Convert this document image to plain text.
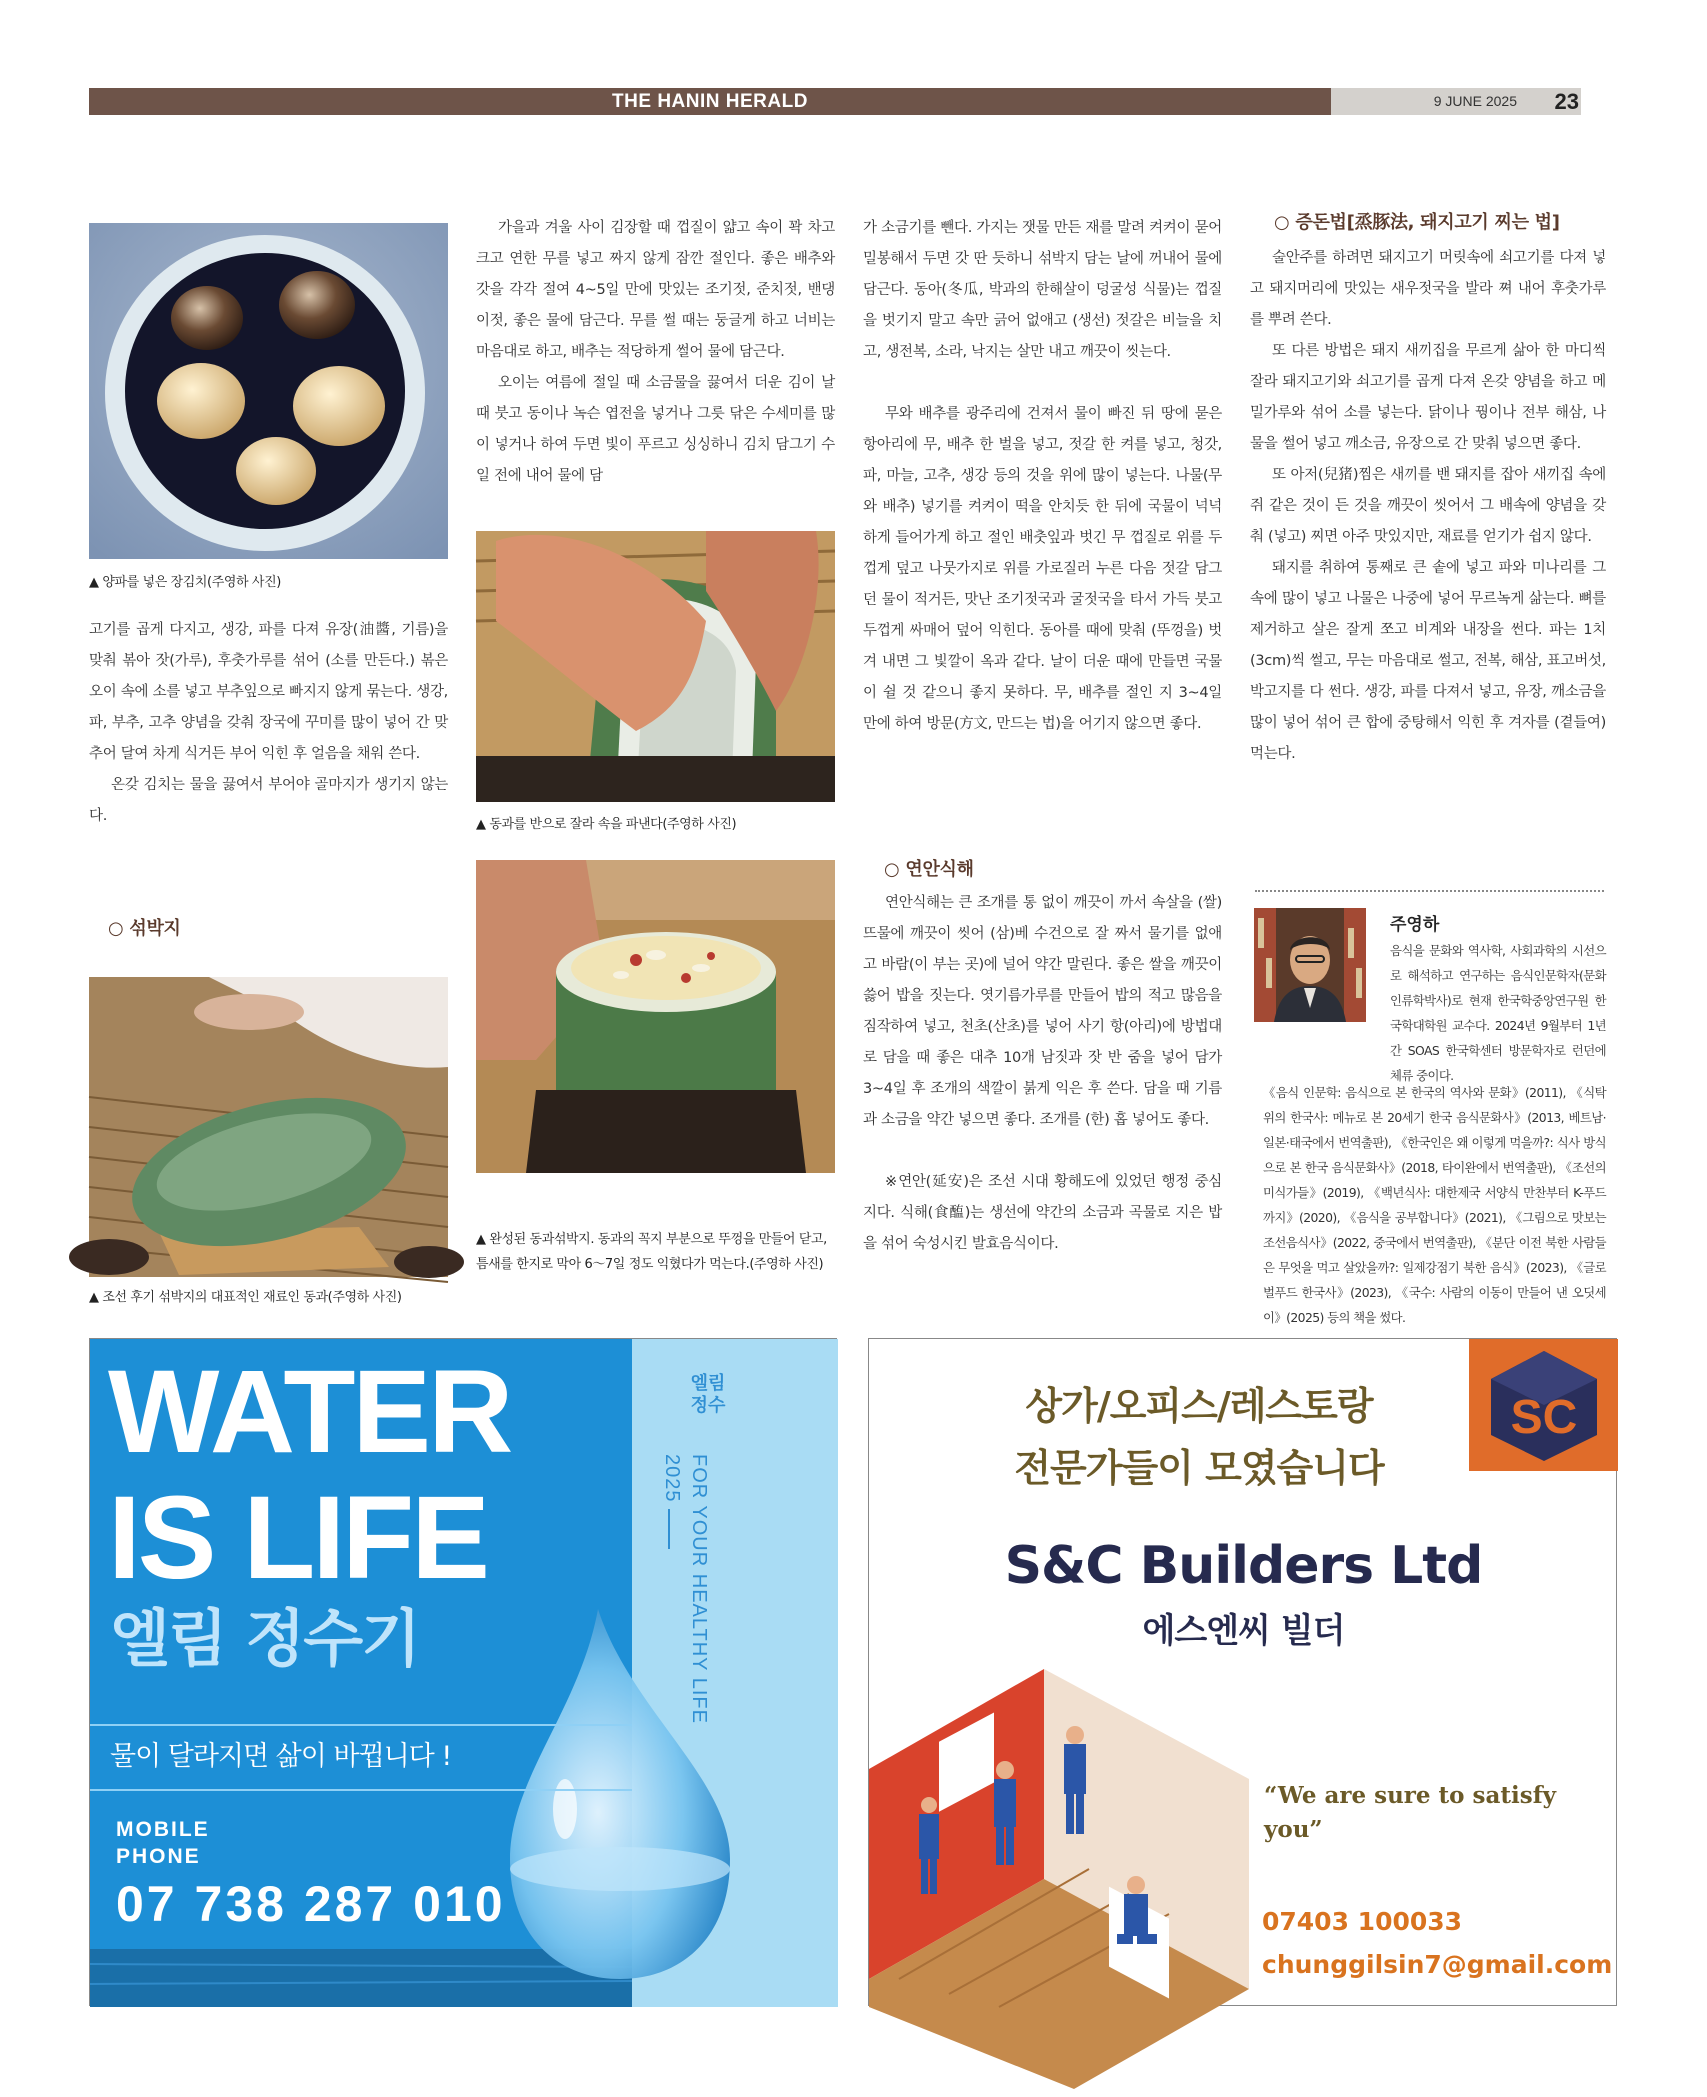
THE HANIN HERALD	9 JUNE 2025	23
▲ 양파를 넣은 장김치(주영하 사진)

고기를 곱게 다지고, 생강, 파를 다져 유장(油醬, 기름)을 맞춰 볶아 잣(가루), 후춧가루를 섞어 (소를 만든다.) 볶은 오이 속에 소를 넣고 부추잎으로 빠지지 않게 묶는다. 생강, 파, 부추, 고추 양념을 갖춰 장국에 꾸미를 많이 넣어 간 맞추어 달여 차게 식거든 부어 익힌 후 얼음을 채워 쓴다.

온갖 김치는 물을 끓여서 부어야 골마지가 생기지 않는다.

○ 섞박지
▲ 조선 후기 섞박지의 대표적인 재료인 동과(주영하 사진)

가을과 겨울 사이 김장할 때 껍질이 얇고 속이 꽉 차고 크고 연한 무를 넣고 짜지 않게 잠깐 절인다. 좋은 배추와 갓을 각각 절여 4~5일 만에 맛있는 조기젓, 준치젓, 밴댕이젓, 좋은 물에 담근다. 무를 썰 때는 둥글게 하고 너비는 마음대로 하고, 배추는 적당하게 썰어 물에 담근다.

오이는 여름에 절일 때 소금물을 끓여서 더운 김이 날 때 붓고 동이나 녹슨 엽전을 넣거나 그릇 닦은 수세미를 많이 넣거나 하여 두면 빛이 푸르고 싱싱하니 김치 담그기 수일 전에 내어 물에 담

▲ 동과를 반으로 잘라 속을 파낸다(주영하 사진)
▲ 완성된 동과섞박지. 동과의 꼭지 부분으로 뚜껑을 만들어 닫고, 틈새를 한지로 막아 6～7일 정도 익혔다가 먹는다.(주영하 사진)

가 소금기를 뺀다. 가지는 잿물 만든 재를 말려 켜켜이 묻어 밀봉해서 두면 갓 딴 듯하니 섞박지 담는 날에 꺼내어 물에 담근다. 동아(冬瓜, 박과의 한해살이 덩굴성 식물)는 껍질을 벗기지 말고 속만 긁어 없애고 (생선) 젓갈은 비늘을 치고, 생전복, 소라, 낙지는 살만 내고 깨끗이 씻는다.

무와 배추를 광주리에 건져서 물이 빠진 뒤 땅에 묻은 항아리에 무, 배추 한 벌을 넣고, 젓갈 한 켜를 넣고, 청갓, 파, 마늘, 고추, 생강 등의 것을 위에 많이 넣는다. 나물(무와 배추) 넣기를 켜켜이 떡을 안치듯 한 뒤에 국물이 넉넉하게 들어가게 하고 절인 배춧잎과 벗긴 무 껍질로 위를 두껍게 덮고 나뭇가지로 위를 가로질러 누른 다음 젓갈 담그던 물이 적거든, 맛난 조기젓국과 굴젓국을 타서 가득 붓고 두껍게 싸매어 덮어 익힌다. 동아를 때에 맞춰 (뚜껑을) 벗겨 내면 그 빛깔이 옥과 같다. 날이 더운 때에 만들면 국물이 쉴 것 같으니 좋지 못하다. 무, 배추를 절인 지 3~4일 만에 하여 방문(方文, 만드는 법)을 어기지 않으면 좋다.

○ 연안식해

연안식해는 큰 조개를 통 없이 깨끗이 까서 속살을 (쌀)뜨물에 깨끗이 씻어 (삼)베 수건으로 잘 짜서 물기를 없애고 바람(이 부는 곳)에 널어 약간 말린다. 좋은 쌀을 깨끗이 쓿어 밥을 짓는다. 엿기름가루를 만들어 밥의 적고 많음을 짐작하여 넣고, 천초(산초)를 넣어 사기 항(아리)에 방법대로 담을 때 좋은 대추 10개 남짓과 잣 반 줌을 넣어 담가 3~4일 후 조개의 색깔이 붉게 익은 후 쓴다. 담을 때 기름과 소금을 약간 넣으면 좋다. 조개를 (한) 홉 넣어도 좋다.

※연안(延安)은 조선 시대 황해도에 있었던 행정 중심지다. 식해(食醢)는 생선에 약간의 소금과 곡물로 지은 밥을 섞어 숙성시킨 발효음식이다.

○ 증돈법[烝豚法, 돼지고기 찌는 법]

술안주를 하려면 돼지고기 머릿속에 쇠고기를 다져 넣고 돼지머리에 맛있는 새우젓국을 발라 쪄 내어 후춧가루를 뿌려 쓴다.

또 다른 방법은 돼지 새끼집을 무르게 삶아 한 마디씩 잘라 돼지고기와 쇠고기를 곱게 다져 온갖 양념을 하고 메밀가루와 섞어 소를 넣는다. 닭이나 꿩이나 전부 해삼, 나물을 썰어 넣고 깨소금, 유장으로 간 맞춰 넣으면 좋다.

또 아저(兒猪)찜은 새끼를 밴 돼지를 잡아 새끼집 속에 쥐 같은 것이 든 것을 깨끗이 씻어서 그 배속에 양념을 갖춰 (넣고) 찌면 아주 맛있지만, 재료를 얻기가 쉽지 않다.

돼지를 취하여 통째로 큰 솥에 넣고 파와 미나리를 그 속에 많이 넣고 나물은 나중에 넣어 무르녹게 삶는다. 뼈를 제거하고 살은 잘게 쪼고 비계와 내장을 썬다. 파는 1치(3cm)씩 썰고, 무는 마음대로 썰고, 전복, 해삼, 표고버섯, 박고지를 다 썬다. 생강, 파를 다져서 넣고, 유장, 깨소금을 많이 넣어 섞어 큰 합에 중탕해서 익힌 후 겨자를 (곁들여) 먹는다.

주영하
음식을 문화와 역사학, 사회과학의 시선으로 해석하고 연구하는 음식인문학자(문화인류학박사)로 현재 한국학중앙연구원 한국학대학원 교수다. 2024년 9월부터 1년간 SOAS 한국학센터 방문학자로 런던에 체류 중이다.
《음식 인문학: 음식으로 본 한국의 역사와 문화》(2011), 《식탁 위의 한국사: 메뉴로 본 20세기 한국 음식문화사》(2013, 베트남·일본·태국에서 번역출판), 《한국인은 왜 이렇게 먹을까?: 식사 방식으로 본 한국 음식문화사》(2018, 타이완에서 번역출판), 《조선의 미식가들》(2019), 《백년식사: 대한제국 서양식 만찬부터 K-푸드까지》(2020), 《음식을 공부합니다》(2021), 《그림으로 맛보는 조선음식사》(2022, 중국에서 번역출판), 《분단 이전 북한 사람들은 무엇을 먹고 살았을까?: 일제강점기 북한 음식》(2023), 《글로벌푸드 한국사》(2023), 《국수: 사람의 이동이 만들어 낸 오딧세이》(2025) 등의 책을 썼다.
WATER
IS LIFE
엘림 정수기
물이 달라지면 삶이 바뀝니다 !
MOBILE
PHONE
07 738 287 010
엘림 정수
FOR YOUR HEALTHY LIFE
2025
SC
상가/오피스/레스토랑
전문가들이 모였습니다
S&C Builders Ltd
에스엔씨 빌더
“We are sure to satisfy you”
07403 100033
chunggilsin7@gmail.com
